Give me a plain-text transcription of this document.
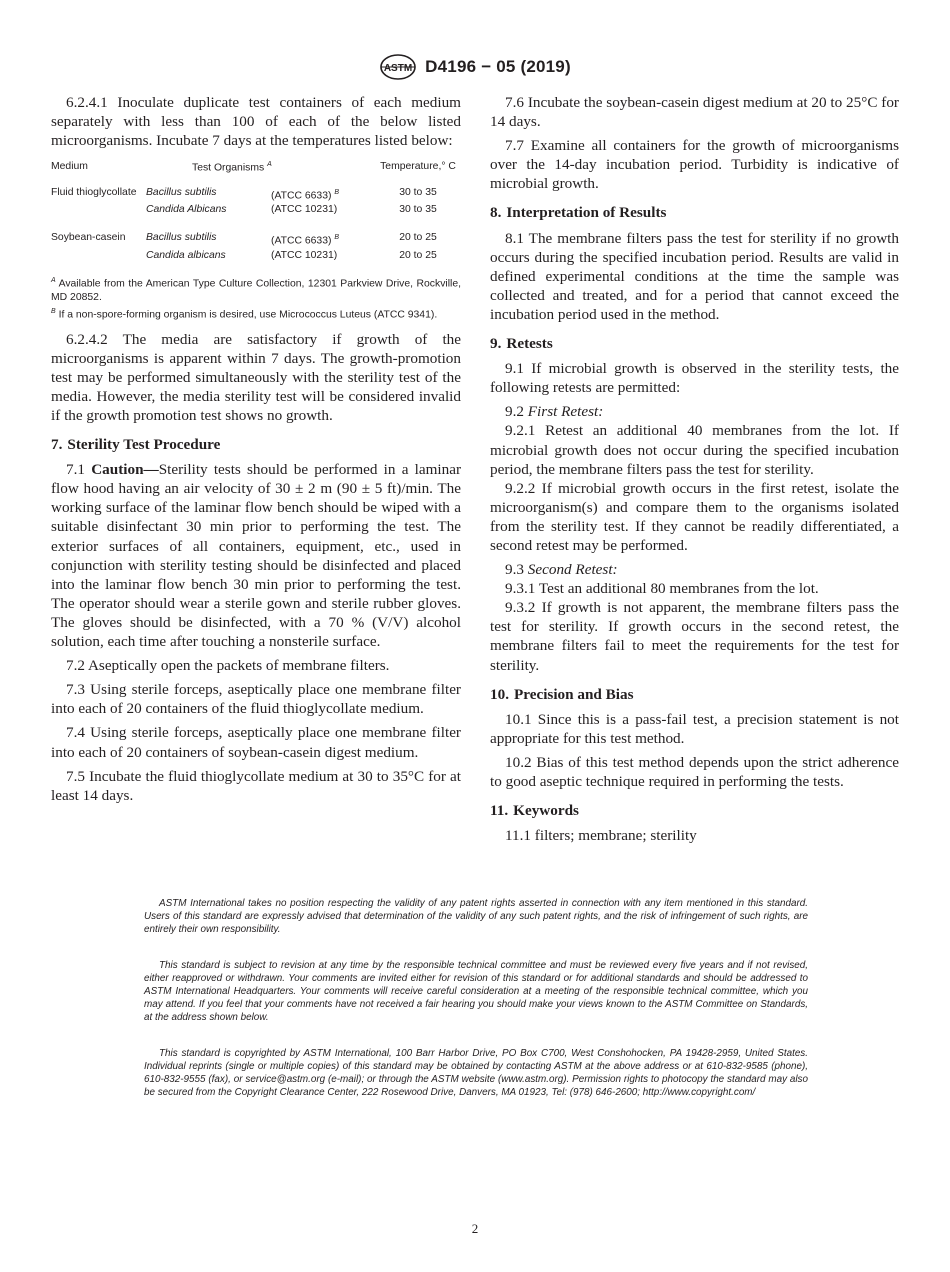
ASTM D4196 − 05 (2019)

6.2.4.1 Inoculate duplicate test containers of each medium separately with less than 100 of each of the below listed microorganisms. Incubate 7 days at the temperatures listed below:

Medium	Test Organisms $^A$		Temperature,° C
Fluid thioglycollate	Bacillus subtilis	(ATCC 6633) $^B$	30 to 35
	Candida Albicans	(ATCC 10231)	30 to 35
Soybean-casein	Bacillus subtilis	(ATCC 6633) $^B$	20 to 25
	Candida albicans	(ATCC 10231)	20 to 25

$^A$ Available from the American Type Culture Collection, 12301 Parkview Drive, Rockville, MD 20852.

$^B$ If a non-spore-forming organism is desired, use Micrococcus Luteus (ATCC 9341).

6.2.4.2 The media are satisfactory if growth of the microorganisms is apparent within 7 days. The growth-promotion test may be performed simultaneously with the sterility test of the media. However, the media sterility test will be considered invalid if the growth promotion test shows no growth.

7. Sterility Test Procedure

7.1 Caution—Sterility tests should be performed in a laminar flow hood having an air velocity of 30 ± 2 m (90 ± 5 ft)/min. The working surface of the laminar flow bench should be wiped with a suitable disinfectant 30 min prior to performing the test. The exterior surfaces of all containers, equipment, etc., used in conjunction with sterility testing should be disinfected and placed into the laminar flow bench 30 min prior to performing the test. The operator should wear a sterile gown and sterile rubber gloves. The gloves should be disinfected, with a 70 % (V/V) alcohol solution, each time after touching a nonsterile surface.

7.2 Aseptically open the packets of membrane filters.

7.3 Using sterile forceps, aseptically place one membrane filter into each of 20 containers of the fluid thioglycollate medium.

7.4 Using sterile forceps, aseptically place one membrane filter into each of 20 containers of soybean-casein digest medium.

7.5 Incubate the fluid thioglycollate medium at 30 to 35°C for at least 14 days.

7.6 Incubate the soybean-casein digest medium at 20 to 25°C for 14 days.

7.7 Examine all containers for the growth of microorganisms over the 14-day incubation period. Turbidity is indicative of microbial growth.

8. Interpretation of Results

8.1 The membrane filters pass the test for sterility if no growth occurs during the specified incubation period. Results are valid in defined experimental conditions at the time the sample was collected and treated, and for a period that cannot exceed the incubation period used in the method.

9. Retests

9.1 If microbial growth is observed in the sterility tests, the following retests are permitted:

9.2 First Retest:

9.2.1 Retest an additional 40 membranes from the lot. If microbial growth does not occur during the specified incubation period, the membrane filters pass the test for sterility.

9.2.2 If microbial growth occurs in the first retest, isolate the microorganism(s) and compare them to the organisms isolated from the sterility test. If they cannot be readily differentiated, a second retest may be performed.

9.3 Second Retest:

9.3.1 Test an additional 80 membranes from the lot.

9.3.2 If growth is not apparent, the membrane filters pass the test for sterility. If growth occurs in the second retest, the membrane filters fail to meet the requirements for the test for sterility.

10. Precision and Bias

10.1 Since this is a pass-fail test, a precision statement is not appropriate for this test method.

10.2 Bias of this test method depends upon the strict adherence to good aseptic technique required in performing the tests.

11. Keywords

11.1 filters; membrane; sterility

ASTM International takes no position respecting the validity of any patent rights asserted in connection with any item mentioned in this standard. Users of this standard are expressly advised that determination of the validity of any such patent rights, and the risk of infringement of such rights, are entirely their own responsibility.

This standard is subject to revision at any time by the responsible technical committee and must be reviewed every five years and if not revised, either reapproved or withdrawn. Your comments are invited either for revision of this standard or for additional standards and should be addressed to ASTM International Headquarters. Your comments will receive careful consideration at a meeting of the responsible technical committee, which you may attend. If you feel that your comments have not received a fair hearing you should make your views known to the ASTM Committee on Standards, at the address shown below.

This standard is copyrighted by ASTM International, 100 Barr Harbor Drive, PO Box C700, West Conshohocken, PA 19428-2959, United States. Individual reprints (single or multiple copies) of this standard may be obtained by contacting ASTM at the above address or at 610-832-9585 (phone), 610-832-9555 (fax), or service@astm.org (e-mail); or through the ASTM website (www.astm.org). Permission rights to photocopy the standard may also be secured from the Copyright Clearance Center, 222 Rosewood Drive, Danvers, MA 01923, Tel: (978) 646-2600; http://www.copyright.com/

2
